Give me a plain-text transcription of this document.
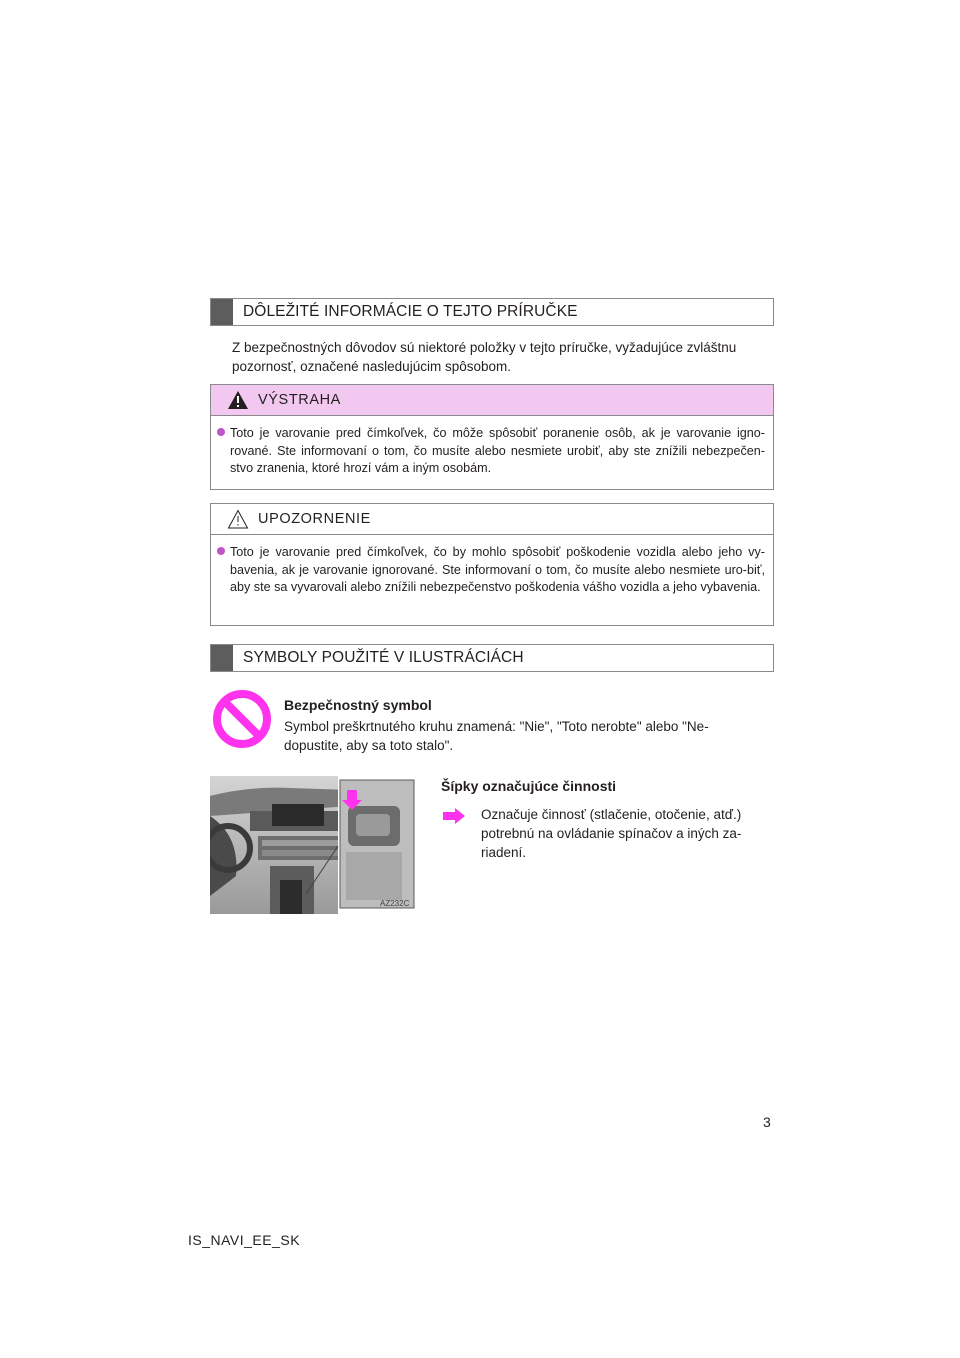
DÔLEŽITÉ INFORMÁCIE O TEJTO PRÍRUČKE
Z bezpečnostných dôvodov sú niektoré položky v tejto príručke, vyžadujúce zvláštnu
pozornosť, označené nasledujúcim spôsobom.
VÝSTRAHA
Toto je varovanie pred čímkoľvek, čo môže spôsobiť poranenie osôb, ak je varovanie igno-rované. Ste informovaní o tom, čo musíte alebo nesmiete urobiť, aby ste znížili nebezpečen-stvo zranenia, ktoré hrozí vám a iným osobám.
UPOZORNENIE
Toto je varovanie pred čímkoľvek, čo by mohlo spôsobiť poškodenie vozidla alebo jeho vy-bavenia, ak je varovanie ignorované. Ste informovaní o tom, čo musíte alebo nesmiete uro-biť, aby ste sa vyvarovali alebo znížili nebezpečenstvo poškodenia vášho vozidla a jeho vybavenia.
SYMBOLY POUŽITÉ V ILUSTRÁCIÁCH
Bezpečnostný symbol
Symbol preškrtnutého kruhu znamená: "Nie", "Toto nerobte" alebo "Ne-
dopustite, aby sa toto stalo".
AZ232C
Šípky označujúce činnosti
Označuje činnosť (stlačenie, otočenie, atď.)
potrebnú na ovládanie spínačov a iných za-
riadení.
3
IS_NAVI_EE_SK
